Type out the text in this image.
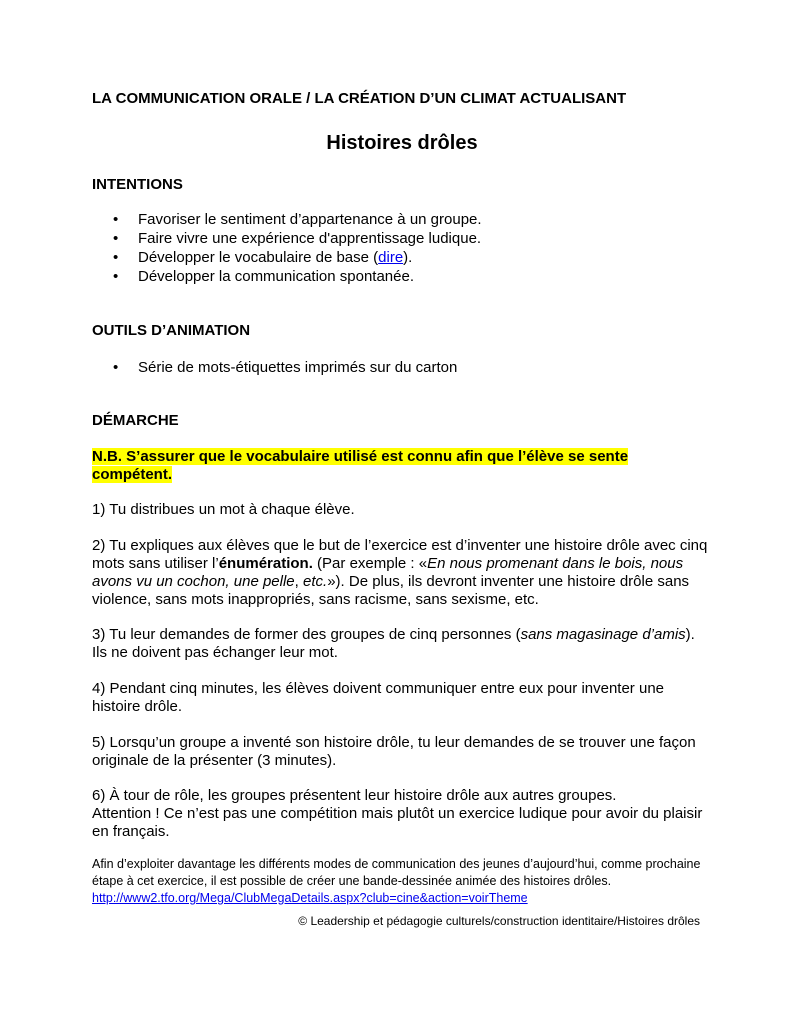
LA COMMUNICATION ORALE / LA CRÉATION D’UN CLIMAT ACTUALISANT
Histoires drôles
INTENTIONS
• Favoriser le sentiment d’appartenance à un groupe.
• Faire vivre une expérience d'apprentissage ludique.
• Développer le vocabulaire de base (dire).
• Développer la communication spontanée.
OUTILS D’ANIMATION
• Série de mots-étiquettes imprimés sur du carton
DÉMARCHE
N.B. S’assurer que le vocabulaire utilisé est connu afin que l’élève se sente
compétent.
1) Tu distribues un mot à chaque élève.
2) Tu expliques aux élèves que le but de l’exercice est d’inventer une histoire drôle avec cinq mots sans utiliser l’énumération. (Par exemple : «En nous promenant dans le bois, nous avons vu un cochon, une pelle, etc.»). De plus, ils devront inventer une histoire drôle sans violence, sans mots inappropriés, sans racisme, sans sexisme, etc.
3) Tu leur demandes de former des groupes de cinq personnes (sans magasinage d’amis). Ils ne doivent pas échanger leur mot.
4) Pendant cinq minutes, les élèves doivent communiquer entre eux pour inventer une histoire drôle.
5) Lorsqu’un groupe a inventé son histoire drôle, tu leur demandes de se trouver une façon originale de la présenter (3 minutes).
6) À tour de rôle, les groupes présentent leur histoire drôle aux autres groupes.
Attention ! Ce n’est pas une compétition mais plutôt un exercice ludique pour avoir du plaisir en français.
Afin d’exploiter davantage les différents modes de communication des jeunes d’aujourd’hui, comme prochaine étape à cet exercice, il est possible de créer une bande-dessinée animée des histoires drôles.
http://www2.tfo.org/Mega/ClubMegaDetails.aspx?club=cine&action=voirTheme
© Leadership et pédagogie culturels/construction identitaire/Histoires drôles
